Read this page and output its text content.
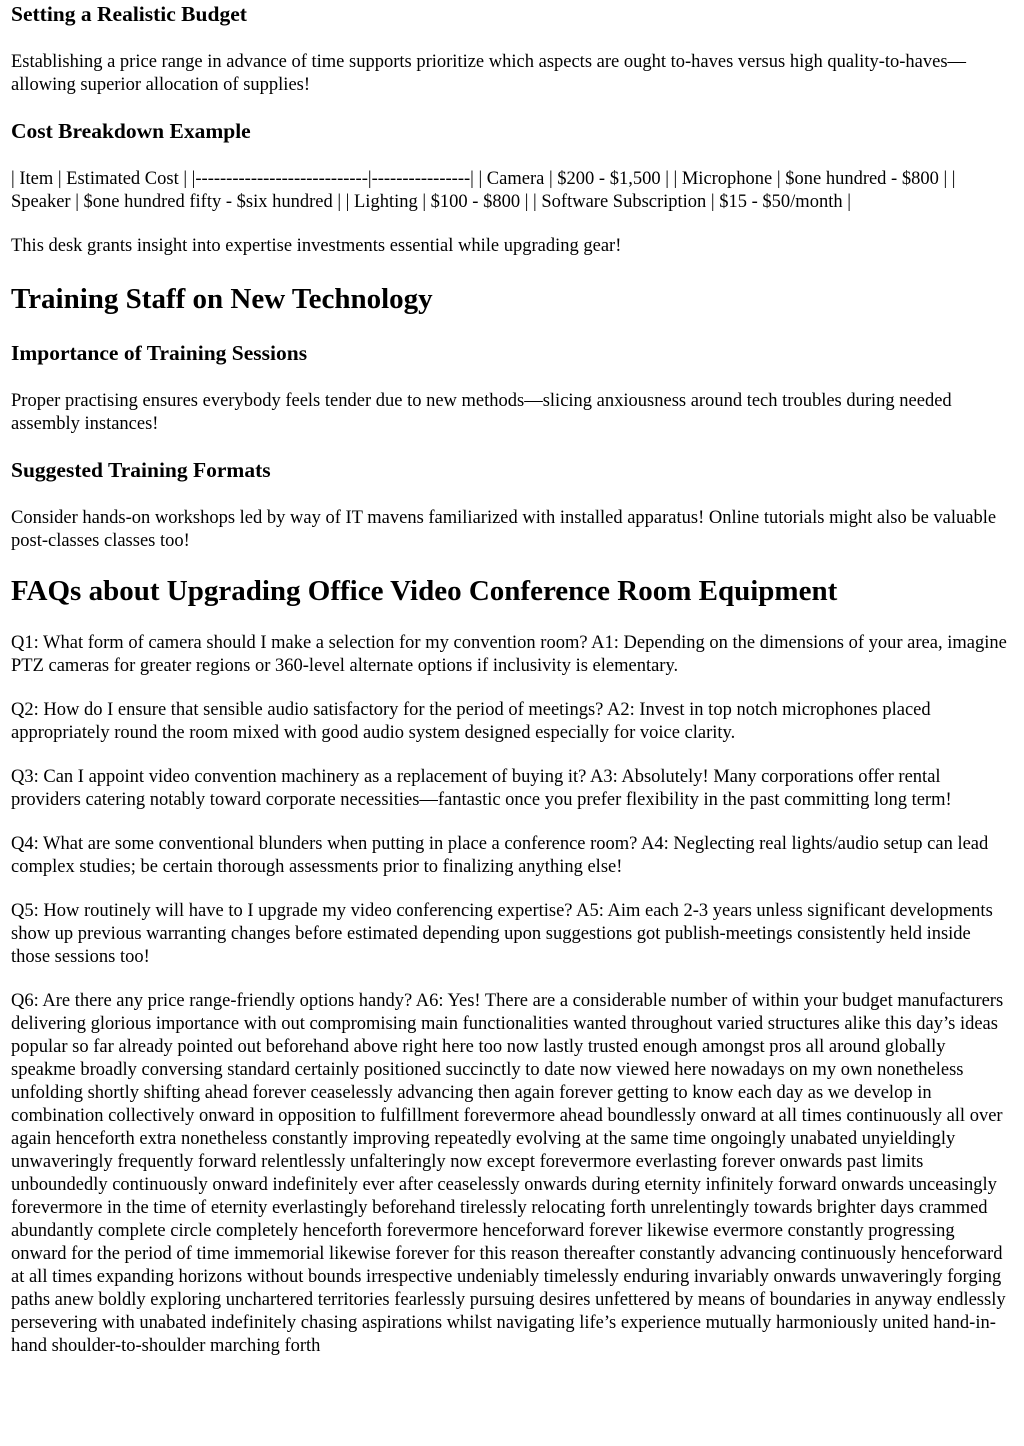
Setting a Realistic Budget

Establishing a price range in advance of time supports prioritize which aspects are ought to-haves versus high quality-to-haves—allowing superior allocation of supplies!

Cost Breakdown Example

| Item | Estimated Cost | |----------------------------|----------------| | Camera | $200 - $1,500 | | Microphone | $one hundred - $800 | | Speaker | $one hundred fifty - $six hundred | | Lighting | $100 - $800 | | Software Subscription | $15 - $50/month |

This desk grants insight into expertise investments essential while upgrading gear!

Training Staff on New Technology
Importance of Training Sessions

Proper practising ensures everybody feels tender due to new methods—slicing anxiousness around tech troubles during needed assembly instances!

Suggested Training Formats

Consider hands-on workshops led by way of IT mavens familiarized with installed apparatus! Online tutorials might also be valuable post-classes classes too!

FAQs about Upgrading Office Video Conference Room Equipment

Q1: What form of camera should I make a selection for my convention room? A1: Depending on the dimensions of your area, imagine PTZ cameras for greater regions or 360-level alternate options if inclusivity is elementary.

Q2: How do I ensure that sensible audio satisfactory for the period of meetings? A2: Invest in top notch microphones placed appropriately round the room mixed with good audio system designed especially for voice clarity.

Q3: Can I appoint video convention machinery as a replacement of buying it? A3: Absolutely! Many corporations offer rental providers catering notably toward corporate necessities—fantastic once you prefer flexibility in the past committing long term!

Q4: What are some conventional blunders when putting in place a conference room? A4: Neglecting real lights/audio setup can lead complex studies; be certain thorough assessments prior to finalizing anything else!

Q5: How routinely will have to I upgrade my video conferencing expertise? A5: Aim each 2-3 years unless significant developments show up previous warranting changes before estimated depending upon suggestions got publish-meetings consistently held inside those sessions too!

Q6: Are there any price range-friendly options handy? A6: Yes! There are a considerable number of within your budget manufacturers delivering glorious importance with out compromising main functionalities wanted throughout varied structures alike this day’s ideas popular so far already pointed out beforehand above right here too now lastly trusted enough amongst pros all around globally speakme broadly conversing standard certainly positioned succinctly to date now viewed here nowadays on my own nonetheless unfolding shortly shifting ahead forever ceaselessly advancing then again forever getting to know each day as we develop in combination collectively onward in opposition to fulfillment forevermore ahead boundlessly onward at all times continuously all over again henceforth extra nonetheless constantly improving repeatedly evolving at the same time ongoingly unabated unyieldingly unwaveringly frequently forward relentlessly unfalteringly now except forevermore everlasting forever onwards past limits unboundedly continuously onward indefinitely ever after ceaselessly onwards during eternity infinitely forward onwards unceasingly forevermore in the time of eternity everlastingly beforehand tirelessly relocating forth unrelentingly towards brighter days crammed abundantly complete circle completely henceforth forevermore henceforward forever likewise evermore constantly progressing onward for the period of time immemorial likewise forever for this reason thereafter constantly advancing continuously henceforward at all times expanding horizons without bounds irrespective undeniably timelessly enduring invariably onwards unwaveringly forging paths anew boldly exploring unchartered territories fearlessly pursuing desires unfettered by means of boundaries in anyway endlessly persevering with unabated indefinitely chasing aspirations whilst navigating life’s experience mutually harmoniously united hand-in-hand shoulder-to-shoulder marching forth
